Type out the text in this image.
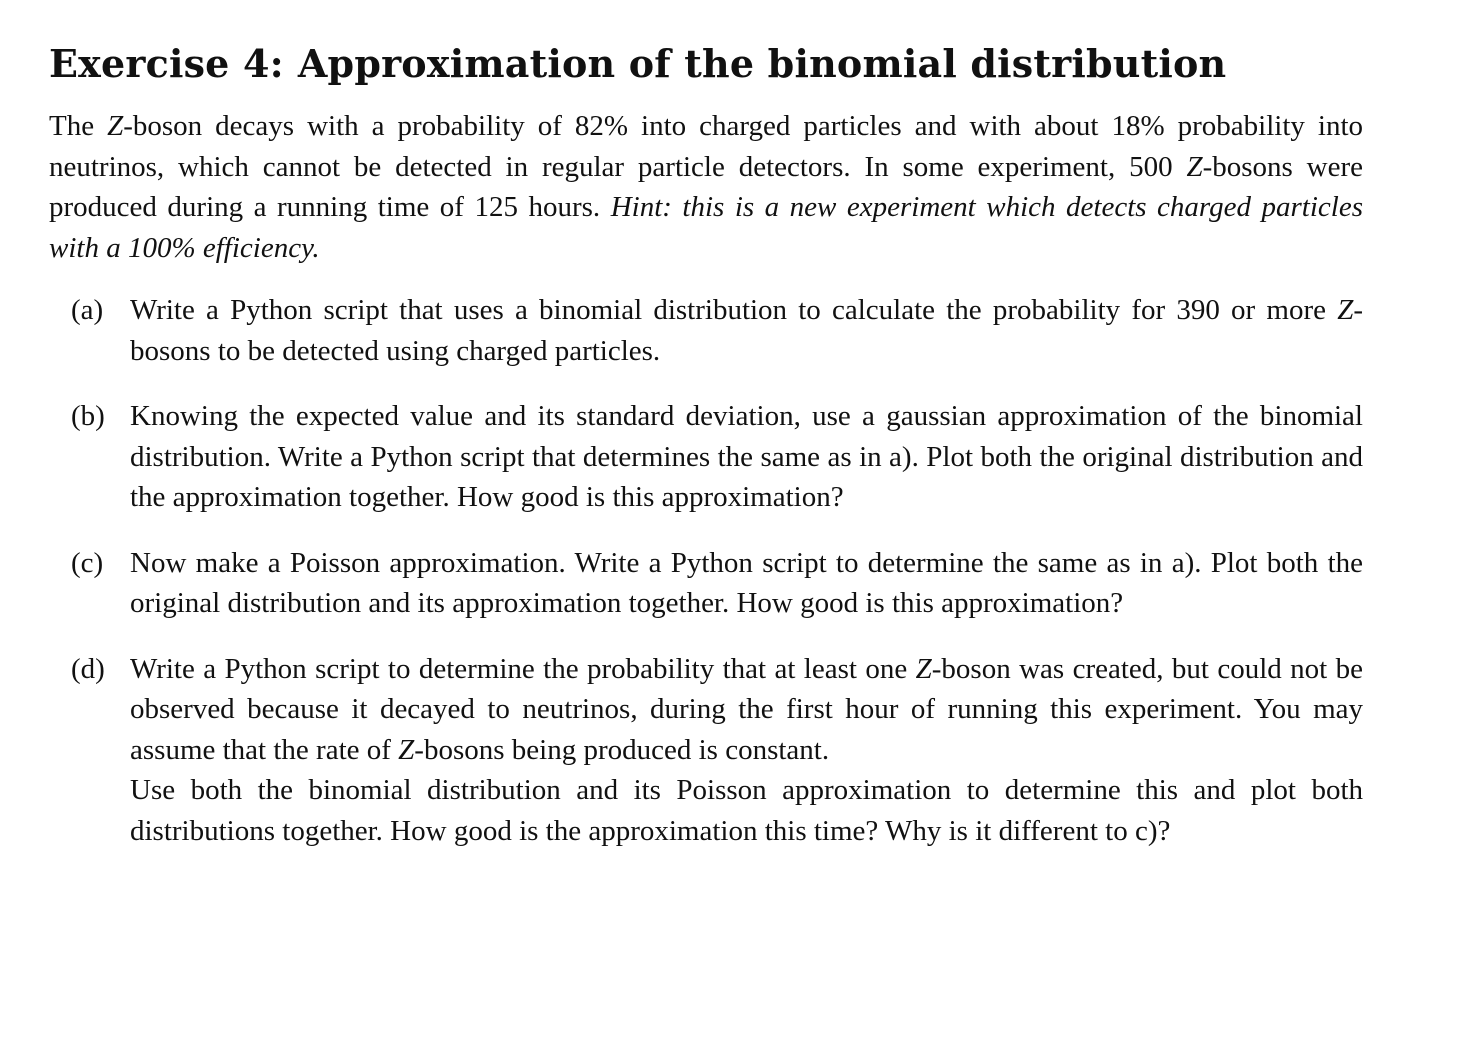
Exercise 4: Approximation of the binomial distribution

The Z-boson decays with a probability of 82% into charged particles and with about 18% probability into neutrinos, which cannot be detected in regular particle detectors. In some experiment, 500 Z-bosons were produced during a running time of 125 hours. Hint: this is a new experiment which detects charged particles with a 100% efficiency.

(a) Write a Python script that uses a binomial distribution to calculate the probability for 390 or more Z-bosons to be detected using charged particles.

(b) Knowing the expected value and its standard deviation, use a gaussian approximation of the binomial distribution. Write a Python script that determines the same as in a). Plot both the original distribution and the approximation together. How good is this approximation?

(c) Now make a Poisson approximation. Write a Python script to determine the same as in a). Plot both the original distribution and its approximation together. How good is this approximation?

(d) Write a Python script to determine the probability that at least one Z-boson was created, but could not be observed because it decayed to neutrinos, during the first hour of running this experiment. You may assume that the rate of Z-bosons being produced is constant.

Use both the binomial distribution and its Poisson approximation to determine this and plot both distributions together. How good is the approximation this time? Why is it different to c)?
